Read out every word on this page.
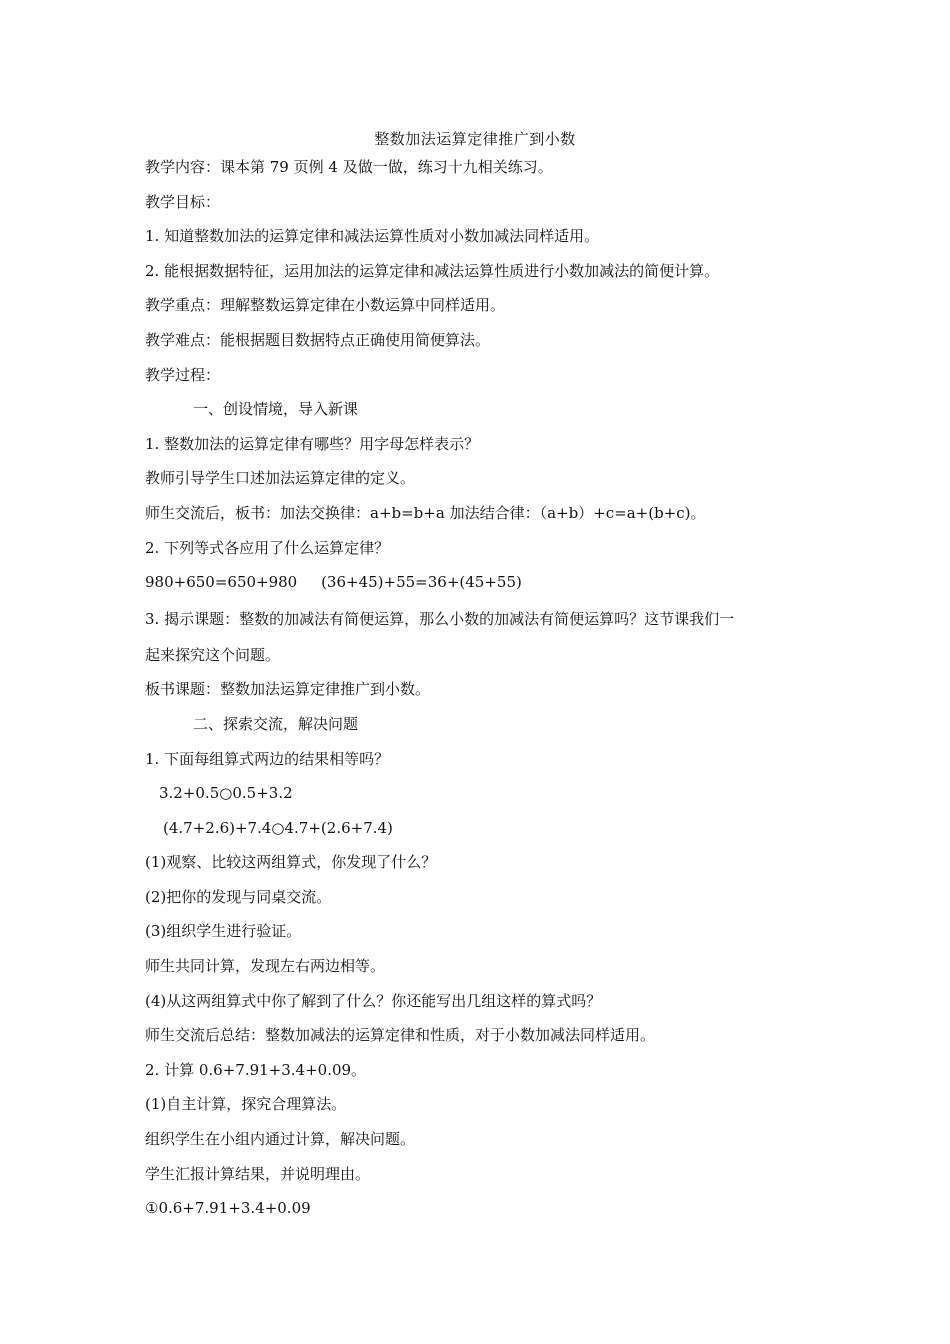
整数加法运算定律推广到小数
教学内容：课本第 79 页例 4 及做一做，练习十九相关练习。
教学目标：
1. 知道整数加法的运算定律和减法运算性质对小数加减法同样适用。
2. 能根据数据特征，运用加法的运算定律和减法运算性质进行小数加减法的简便计算。
教学重点：理解整数运算定律在小数运算中同样适用。
教学难点：能根据题目数据特点正确使用简便算法。
教学过程：
一、创设情境，导入新课
1. 整数加法的运算定律有哪些？用字母怎样表示？
教师引导学生口述加法运算定律的定义。
师生交流后，板书：加法交换律：a+b=b+a 加法结合律：（a+b）+c=a+(b+c)。
2. 下列等式各应用了什么运算定律？
980+650=650+980     (36+45)+55=36+(45+55)
3. 揭示课题：整数的加减法有简便运算，那么小数的加减法有简便运算吗？这节课我们一
起来探究这个问题。
板书课题：整数加法运算定律推广到小数。
二、探索交流，解决问题
1. 下面每组算式两边的结果相等吗？
3.2+0.5○0.5+3.2
(4.7+2.6)+7.4○4.7+(2.6+7.4)
(1)观察、比较这两组算式，你发现了什么？
(2)把你的发现与同桌交流。
(3)组织学生进行验证。
师生共同计算，发现左右两边相等。
(4)从这两组算式中你了解到了什么？你还能写出几组这样的算式吗？
师生交流后总结：整数加减法的运算定律和性质，对于小数加减法同样适用。
2. 计算 0.6+7.91+3.4+0.09。
(1)自主计算，探究合理算法。
组织学生在小组内通过计算，解决问题。
学生汇报计算结果，并说明理由。
①0.6+7.91+3.4+0.09
